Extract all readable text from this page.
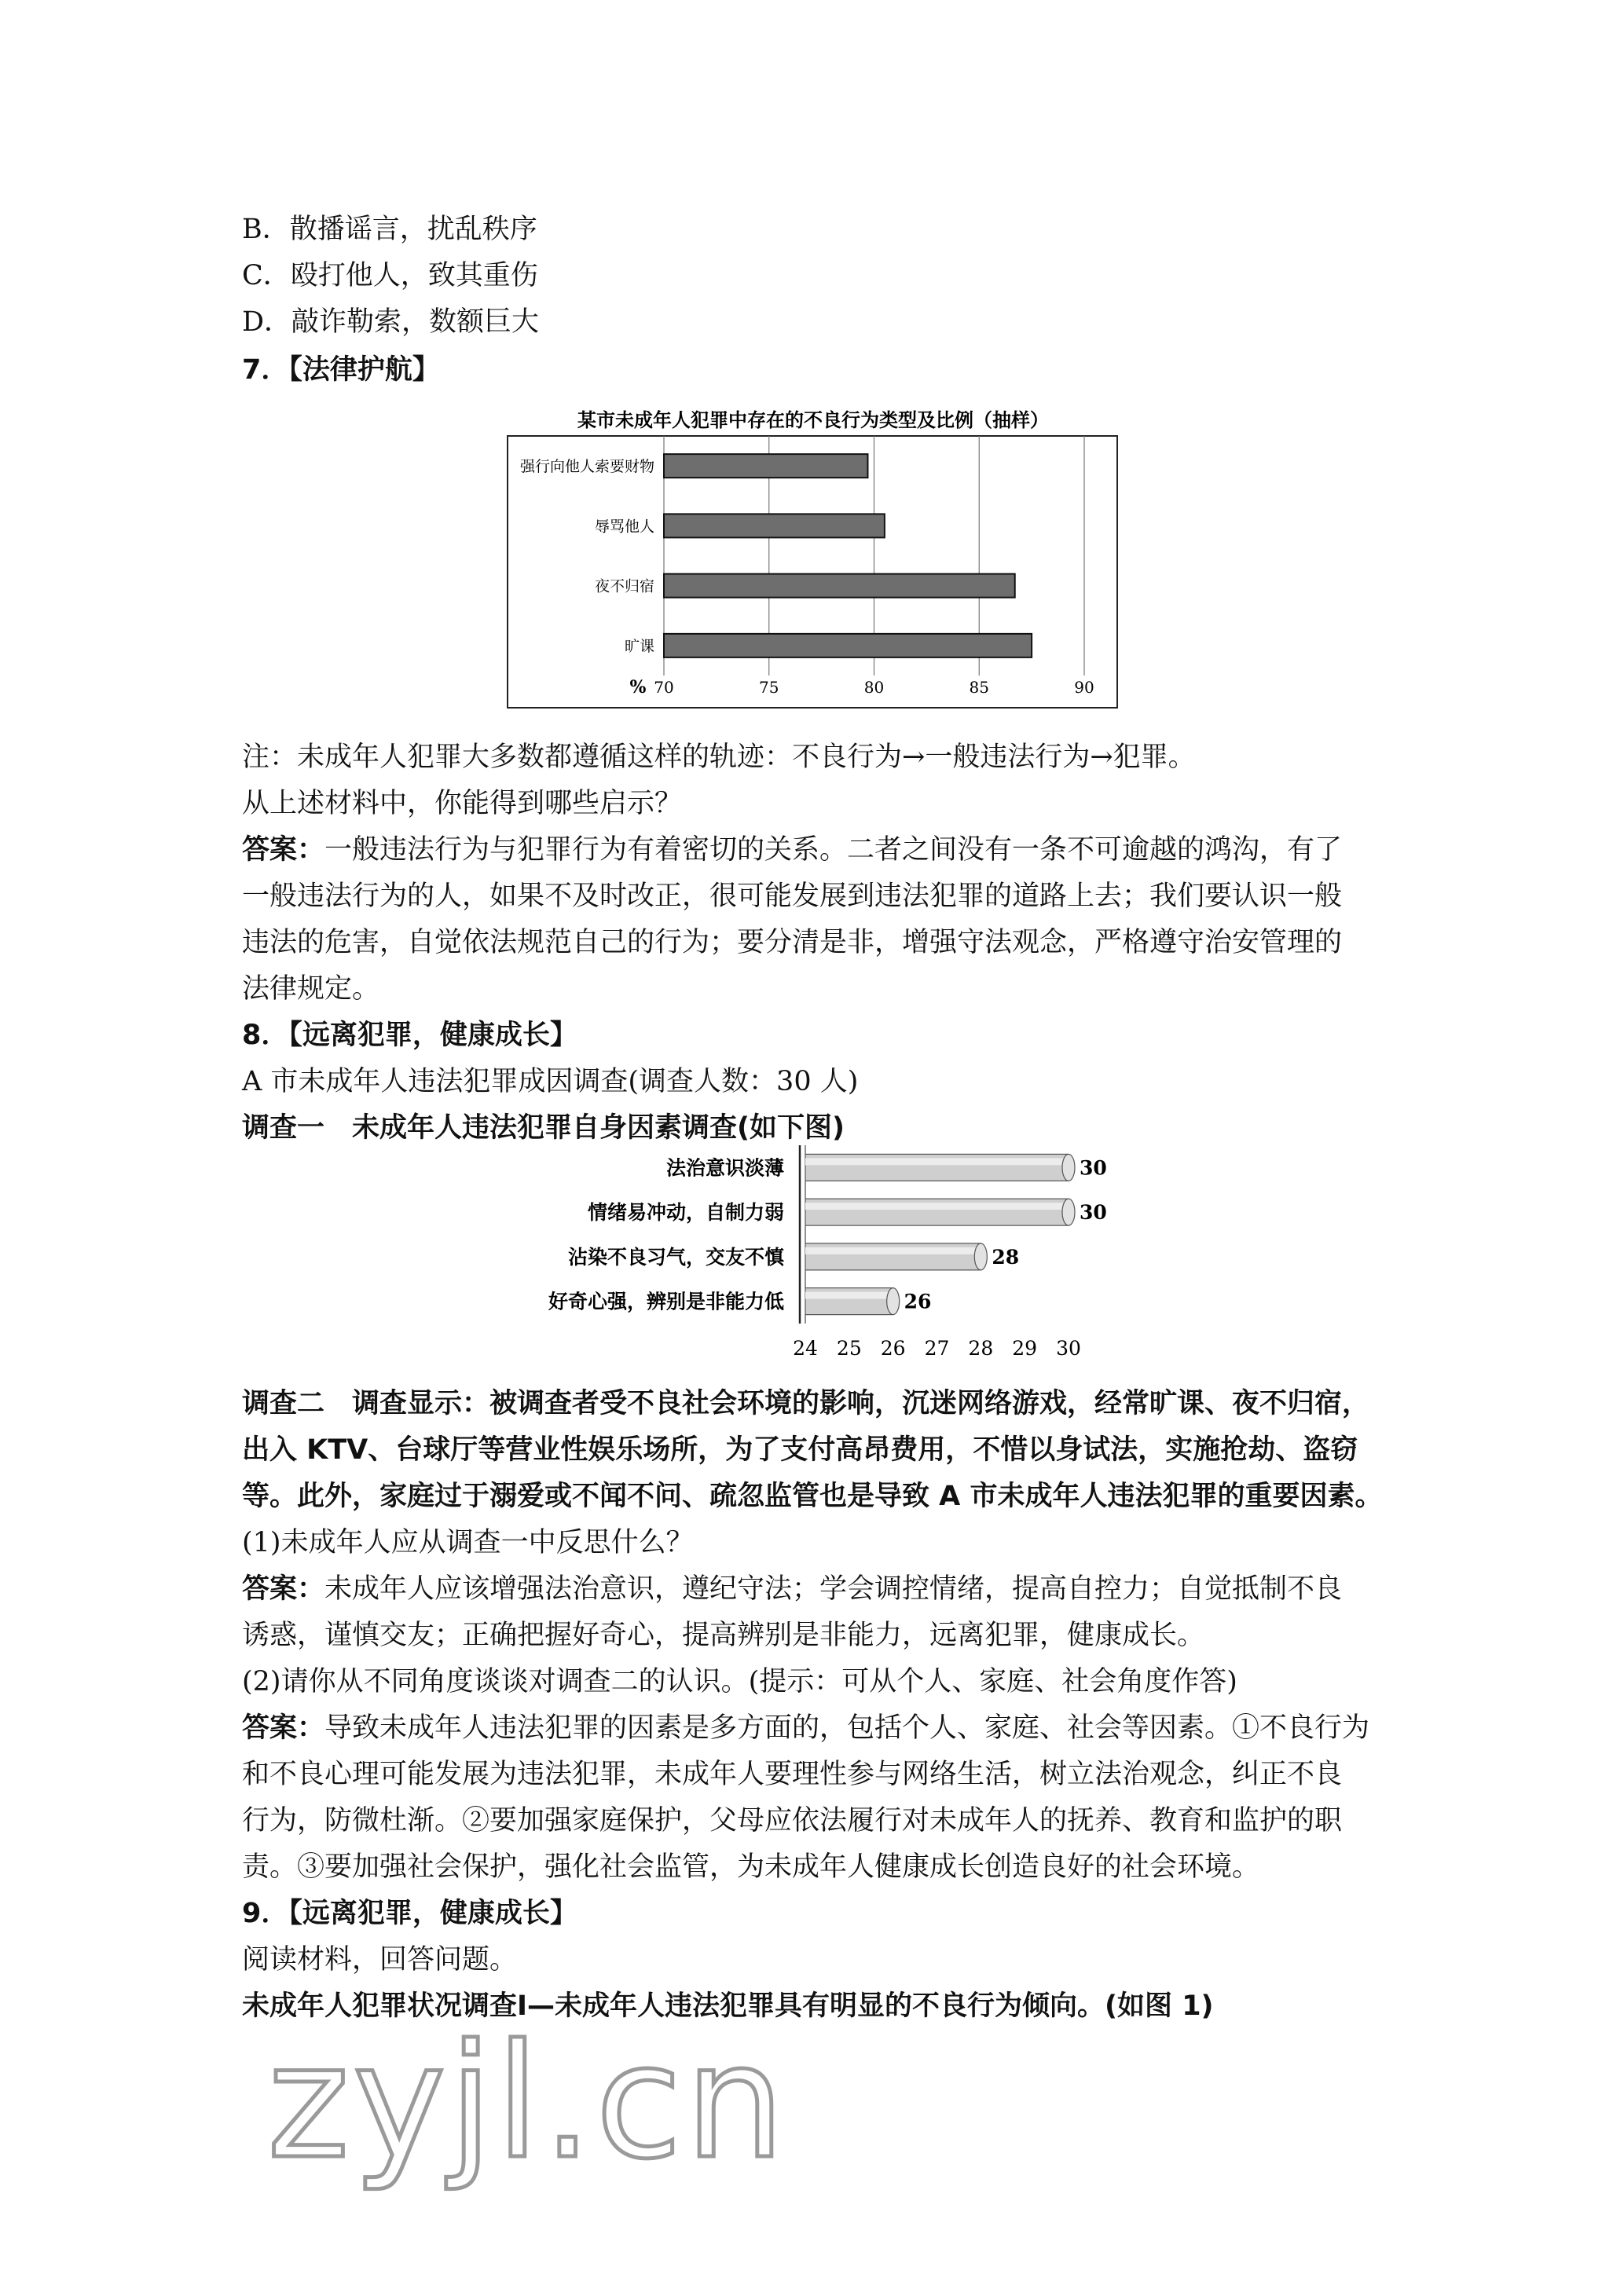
B．散播谣言，扰乱秩序
C．殴打他人，致其重伤
D．敲诈勒索，数额巨大
7．【法律护航】
某市未成年人犯罪中存在的不良行为类型及比例（抽样）
强行向他人索要财物
辱骂他人
夜不归宿
旷课
70	75	80	85	90
%
注：未成年人犯罪大多数都遵循这样的轨迹：不良行为→一般违法行为→犯罪。
从上述材料中，你能得到哪些启示？
答案：一般违法行为与犯罪行为有着密切的关系。二者之间没有一条不可逾越的鸿沟，有了
一般违法行为的人，如果不及时改正，很可能发展到违法犯罪的道路上去；我们要认识一般
违法的危害，自觉依法规范自己的行为；要分清是非，增强守法观念，严格遵守治安管理的
法律规定。
8．【远离犯罪，健康成长】
A 市未成年人违法犯罪成因调查(调查人数：30 人)
调查一　未成年人违法犯罪自身因素调查(如下图)
法治意识淡薄
情绪易冲动，自制力弱
沾染不良习气，交友不慎
好奇心强，辨别是非能力低
30
30
28
26
24 25 26 27 28 29 30
调查二　调查显示：被调查者受不良社会环境的影响，沉迷网络游戏，经常旷课、夜不归宿，
出入 KTV、台球厅等营业性娱乐场所，为了支付高昂费用，不惜以身试法，实施抢劫、盗窃
等。此外，家庭过于溺爱或不闻不问、疏忽监管也是导致 A 市未成年人违法犯罪的重要因素。
(1)未成年人应从调查一中反思什么？
答案：未成年人应该增强法治意识，遵纪守法；学会调控情绪，提高自控力；自觉抵制不良
诱惑，谨慎交友；正确把握好奇心，提高辨别是非能力，远离犯罪，健康成长。
(2)请你从不同角度谈谈对调查二的认识。(提示：可从个人、家庭、社会角度作答)
答案：导致未成年人违法犯罪的因素是多方面的，包括个人、家庭、社会等因素。①不良行为
和不良心理可能发展为违法犯罪，未成年人要理性参与网络生活，树立法治观念，纠正不良
行为，防微杜渐。②要加强家庭保护，父母应依法履行对未成年人的抚养、教育和监护的职
责。③要加强社会保护，强化社会监管，为未成年人健康成长创造良好的社会环境。
9．【远离犯罪，健康成长】
阅读材料，回答问题。
未成年人犯罪状况调查Ⅰ—未成年人违法犯罪具有明显的不良行为倾向。(如图 1)
zyjl.cn
